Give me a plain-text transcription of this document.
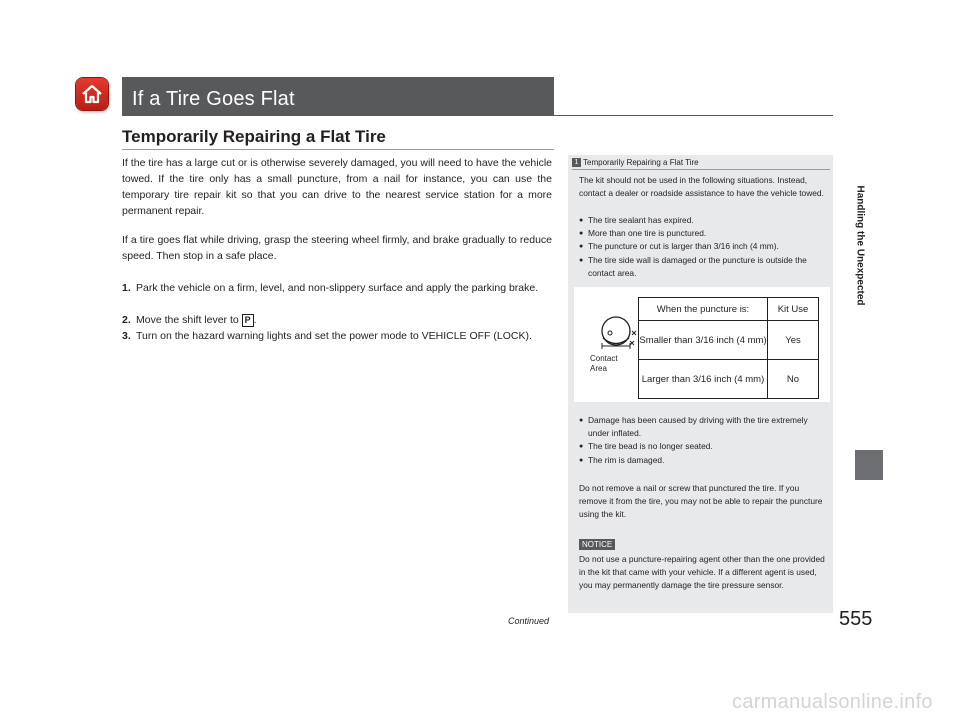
If a Tire Goes Flat
Temporarily Repairing a Flat Tire

If the tire has a large cut or is otherwise severely damaged, you will need to have the vehicle towed. If the tire only has a small puncture, from a nail for instance, you can use the temporary tire repair kit so that you can drive to the nearest service station for a more permanent repair.

If a tire goes flat while driving, grasp the steering wheel firmly, and brake gradually to reduce speed. Then stop in a safe place.

1. Park the vehicle on a firm, level, and non-slippery surface and apply the parking brake.
2. Move the shift lever to P .
3. Turn on the hazard warning lights and set the power mode to VEHICLE OFF (LOCK).
1 Temporarily Repairing a Flat Tire

The kit should not be used in the following situations. Instead, contact a dealer or roadside assistance to have the vehicle towed.

● The tire sealant has expired.
● More than one tire is punctured.
● The puncture or cut is larger than 3/16 inch (4 mm).
● The tire side wall is damaged or the puncture is outside the contact area.
Contact Area
When the puncture is:	Kit Use
Smaller than 3/16 inch (4 mm)	Yes
Larger than 3/16 inch (4 mm)	No
● Damage has been caused by driving with the tire extremely under inflated.
● The tire bead is no longer seated.
● The rim is damaged.

Do not remove a nail or screw that punctured the tire. If you remove it from the tire, you may not be able to repair the puncture using the kit.

NOTICE

Do not use a puncture-repairing agent other than the one provided in the kit that came with your vehicle. If a different agent is used, you may permanently damage the tire pressure sensor.

Continued	555
Handling the Unexpected
carmanualsonline.info
